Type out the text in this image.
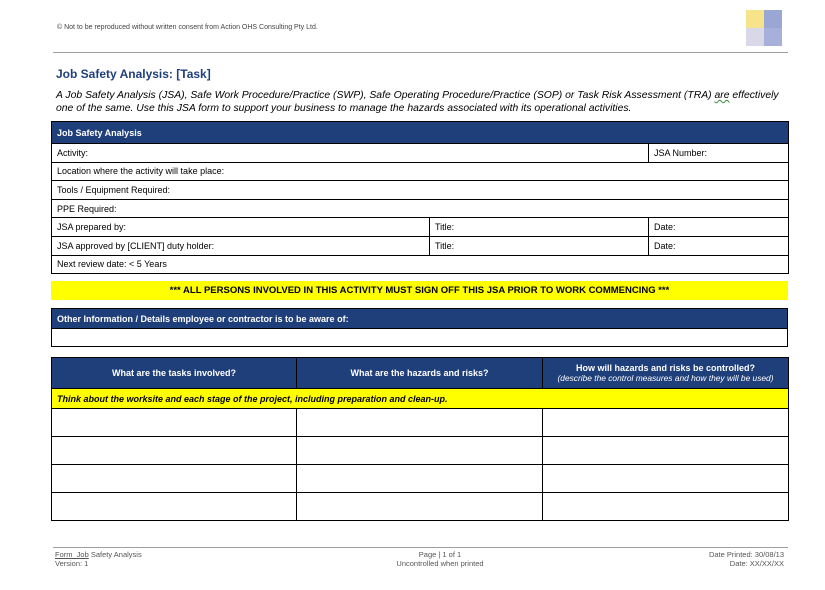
© Not to be reproduced without written consent from Action OHS Consulting Pty Ltd.
Job Safety Analysis: [Task]
A Job Safety Analysis (JSA), Safe Work Procedure/Practice (SWP), Safe Operating Procedure/Practice (SOP) or Task Risk Assessment (TRA) are effectively one of the same. Use this JSA form to support your business to manage the hazards associated with its operational activities.
Job Safety Analysis		
Activity:		JSA Number:
Location where the activity will take place:		
Tools / Equipment Required:		
PPE Required:		
JSA prepared by:	Title:	Date:
JSA approved by [CLIENT] duty holder:	Title:	Date:
Next review date: < 5 Years		
*** ALL PERSONS INVOLVED IN THIS ACTIVITY MUST SIGN OFF THIS JSA PRIOR TO WORK COMMENCING ***
Other Information / Details employee or contractor is to be aware of:

What are the tasks involved?	What are the hazards and risks?	How will hazards and risks be controlled?
(describe the control measures and how they will be used)

Think about the worksite and each stage of the project, including preparation and clean-up.		

Form_Job Safety Analysis
Version: 1
Page | 1 of 1
Uncontrolled when printed
Date Printed: 30/08/13
Date: XX/XX/XX
